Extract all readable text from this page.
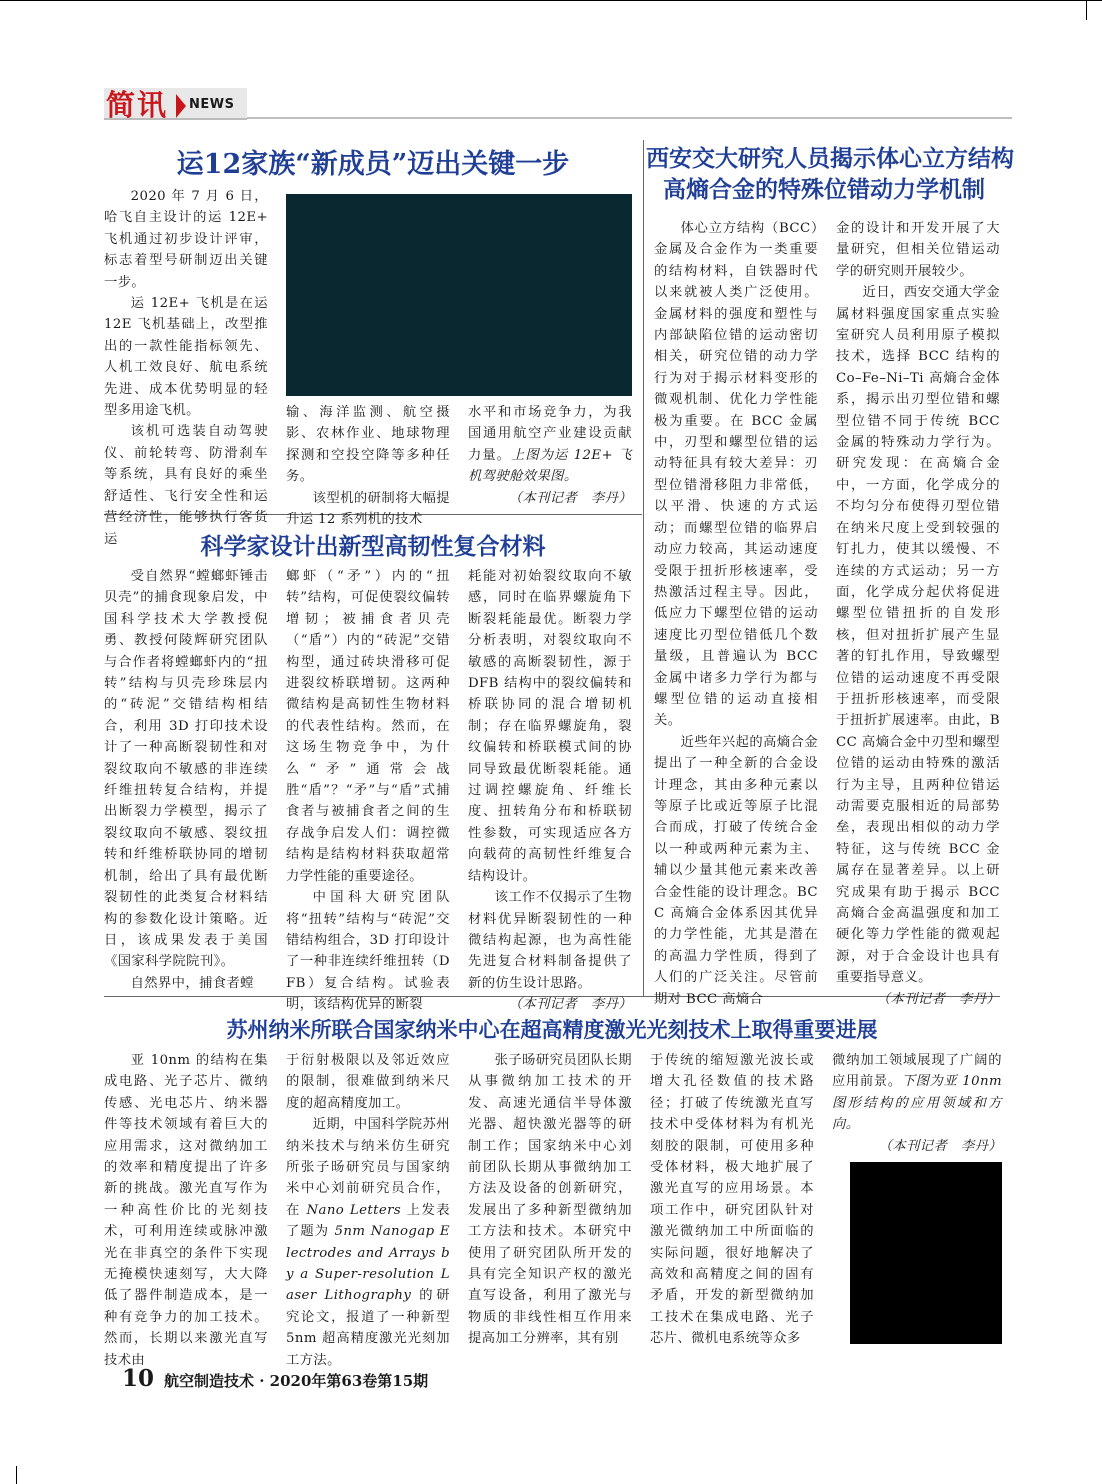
简讯 NEWS
运12家族“新成员”迈出关键一步

2020 年 7 月 6 日，哈飞自主设计的运 12E+ 飞机通过初步设计评审，标志着型号研制迈出关键一步。

运 12E+ 飞机是在运 12E 飞机基础上，改型推出的一款性能指标领先、人机工效良好、航电系统先进、成本优势明显的轻型多用途飞机。

该机可选装自动驾驶仪、前轮转弯、防滑刹车等系统，具有良好的乘坐舒适性、飞行安全性和运营经济性，能够执行客货运

输、海洋监测、航空摄影、农林作业、地球物理探测和空投空降等多种任务。

该型机的研制将大幅提升运 12 系列机的技术

水平和市场竞争力，为我国通用航空产业建设贡献力量。上图为运 12E+ 飞机驾驶舱效果图。

（本刊记者　李丹）
科学家设计出新型高韧性复合材料

受自然界“螳螂虾锤击贝壳”的捕食现象启发，中国科学技术大学教授倪勇、教授何陵辉研究团队与合作者将螳螂虾内的“扭转”结构与贝壳珍珠层内的“砖泥”交错结构相结合，利用 3D 打印技术设计了一种高断裂韧性和对裂纹取向不敏感的非连续纤维扭转复合结构，并提出断裂力学模型，揭示了裂纹取向不敏感、裂纹扭转和纤维桥联协同的增韧机制，给出了具有最优断裂韧性的此类复合材料结构的参数化设计策略。近日，该成果发表于美国《国家科学院院刊》。

自然界中，捕食者螳

螂虾（“矛”）内的“扭转”结构，可促使裂纹偏转增韧；被捕食者贝壳（“盾”）内的“砖泥”交错构型，通过砖块滑移可促进裂纹桥联增韧。这两种微结构是高韧性生物材料的代表性结构。然而，在这场生物竞争中，为什么“矛”通常会战胜“盾”？“矛”与“盾”式捕食者与被捕食者之间的生存战争启发人们：调控微结构是结构材料获取超常力学性能的重要途径。

中国科大研究团队将“扭转”结构与“砖泥”交错结构组合，3D 打印设计了一种非连续纤维扭转（DFB）复合结构。试验表明，该结构优异的断裂

耗能对初始裂纹取向不敏感，同时在临界螺旋角下断裂耗能最优。断裂力学分析表明，对裂纹取向不敏感的高断裂韧性，源于 DFB 结构中的裂纹偏转和桥联协同的混合增韧机制；存在临界螺旋角，裂纹偏转和桥联模式间的协同导致最优断裂耗能。通过调控螺旋角、纤维长度、扭转角分布和桥联韧性参数，可实现适应各方向载荷的高韧性纤维复合结构设计。

该工作不仅揭示了生物材料优异断裂韧性的一种微结构起源，也为高性能先进复合材料制备提供了新的仿生设计思路。

（本刊记者　李丹）
西安交大研究人员揭示体心立方结构
高熵合金的特殊位错动力学机制

体心立方结构（BCC）金属及合金作为一类重要的结构材料，自铁器时代以来就被人类广泛使用。金属材料的强度和塑性与内部缺陷位错的运动密切相关，研究位错的动力学行为对于揭示材料变形的微观机制、优化力学性能极为重要。在 BCC 金属中，刃型和螺型位错的运动特征具有较大差异：刃型位错滑移阻力非常低，以平滑、快速的方式运动；而螺型位错的临界启动应力较高，其运动速度受限于扭折形核速率，受热激活过程主导。因此，低应力下螺型位错的运动速度比刃型位错低几个数量级，且普遍认为 BCC 金属中诸多力学行为都与螺型位错的运动直接相关。

近些年兴起的高熵合金提出了一种全新的合金设计理念，其由多种元素以等原子比或近等原子比混合而成，打破了传统合金以一种或两种元素为主、辅以少量其他元素来改善合金性能的设计理念。BCC 高熵合金体系因其优异的力学性能，尤其是潜在的高温力学性质，得到了人们的广泛关注。尽管前期对 BCC 高熵合

金的设计和开发开展了大量研究，但相关位错运动学的研究则开展较少。

近日，西安交通大学金属材料强度国家重点实验室研究人员利用原子模拟技术，选择 BCC 结构的 Co–Fe–Ni–Ti 高熵合金体系，揭示出刃型位错和螺型位错不同于传统 BCC 金属的特殊动力学行为。研究发现：在高熵合金中，一方面，化学成分的不均匀分布使得刃型位错在纳米尺度上受到较强的钉扎力，使其以缓慢、不连续的方式运动；另一方面，化学成分起伏将促进螺型位错扭折的自发形核，但对扭折扩展产生显著的钉扎作用，导致螺型位错的运动速度不再受限于扭折形核速率，而受限于扭折扩展速率。由此，BCC 高熵合金中刃型和螺型位错的运动由特殊的激活行为主导，且两种位错运动需要克服相近的局部势垒，表现出相似的动力学特征，这与传统 BCC 金属存在显著差异。以上研究成果有助于揭示 BCC 高熵合金高温强度和加工硬化等力学性能的微观起源，对于合金设计也具有重要指导意义。

（本刊记者　李丹）
苏州纳米所联合国家纳米中心在超高精度激光光刻技术上取得重要进展

亚 10nm 的结构在集成电路、光子芯片、微纳传感、光电芯片、纳米器件等技术领域有着巨大的应用需求，这对微纳加工的效率和精度提出了许多新的挑战。激光直写作为一种高性价比的光刻技术，可利用连续或脉冲激光在非真空的条件下实现无掩模快速刻写，大大降低了器件制造成本，是一种有竞争力的加工技术。然而，长期以来激光直写技术由

于衍射极限以及邻近效应的限制，很难做到纳米尺度的超高精度加工。

近期，中国科学院苏州纳米技术与纳米仿生研究所张子旸研究员与国家纳米中心刘前研究员合作，在 Nano Letters 上发表了题为 5nm Nanogap Electrodes and Arrays by a Super-resolution Laser Lithography 的研究论文，报道了一种新型 5nm 超高精度激光光刻加工方法。

张子旸研究员团队长期从事微纳加工技术的开发、高速光通信半导体激光器、超快激光器等的研制工作；国家纳米中心刘前团队长期从事微纳加工方法及设备的创新研究，发展出了多种新型微纳加工方法和技术。本研究中使用了研究团队所开发的具有完全知识产权的激光直写设备，利用了激光与物质的非线性相互作用来提高加工分辨率，其有别

于传统的缩短激光波长或增大孔径数值的技术路径；打破了传统激光直写技术中受体材料为有机光刻胶的限制，可使用多种受体材料，极大地扩展了激光直写的应用场景。本项工作中，研究团队针对激光微纳加工中所面临的实际问题，很好地解决了高效和高精度之间的固有矛盾，开发的新型微纳加工技术在集成电路、光子芯片、微机电系统等众多

微纳加工领域展现了广阔的应用前景。下图为亚 10nm 图形结构的应用领域和方向。

（本刊记者　李丹）
10 航空制造技术 · 2020年第63卷第15期
